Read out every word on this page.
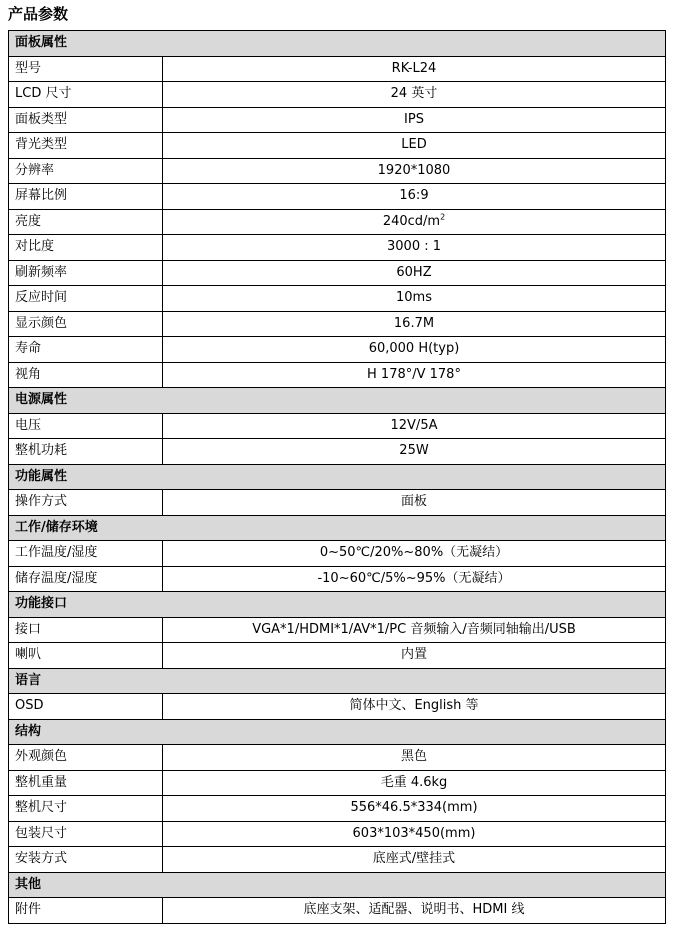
产品参数
面板属性	
型号	RK-L24
LCD 尺寸	24 英寸
面板类型	IPS
背光类型	LED
分辨率	1920*1080
屏幕比例	16:9
亮度	$240cd/m^2$
对比度	3000 : 1
刷新频率	60HZ
反应时间	10ms
显示颜色	16.7M
寿命	60,000 H(typ)
视角	H 178°/V 178°
电源属性	
电压	12V/5A
整机功耗	25W
功能属性	
操作方式	面板
工作/储存环境	
工作温度/湿度	0~50℃/20%~80%（无凝结）
储存温度/湿度	-10~60℃/5%~95%（无凝结）
功能接口	
接口	VGA*1/HDMI*1/AV*1/PC 音频输入/音频同轴输出/USB
喇叭	内置
语言	
OSD	简体中文、English 等
结构	
外观颜色	黑色
整机重量	毛重 4.6kg
整机尺寸	556*46.5*334(mm)
包装尺寸	603*103*450(mm)
安装方式	底座式/壁挂式
其他	
附件	底座支架、适配器、说明书、HDMI 线
